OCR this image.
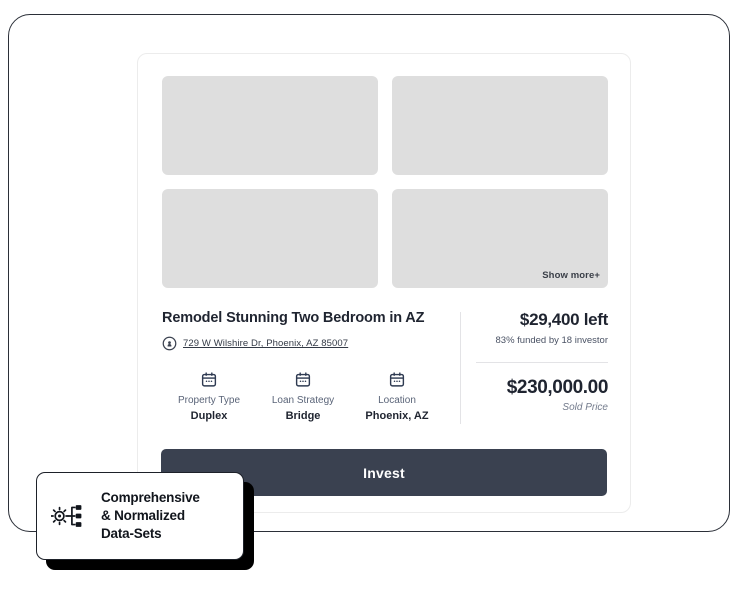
Show more+
Remodel Stunning Two Bedroom in AZ
729 W Wilshire Dr, Phoenix, AZ 85007
Property Type
Duplex
Loan Strategy
Bridge
Location
Phoenix, AZ
$29,400 left
83% funded by 18 investor
$230,000.00
Sold Price
Invest
Comprehensive
& Normalized
Data-Sets
